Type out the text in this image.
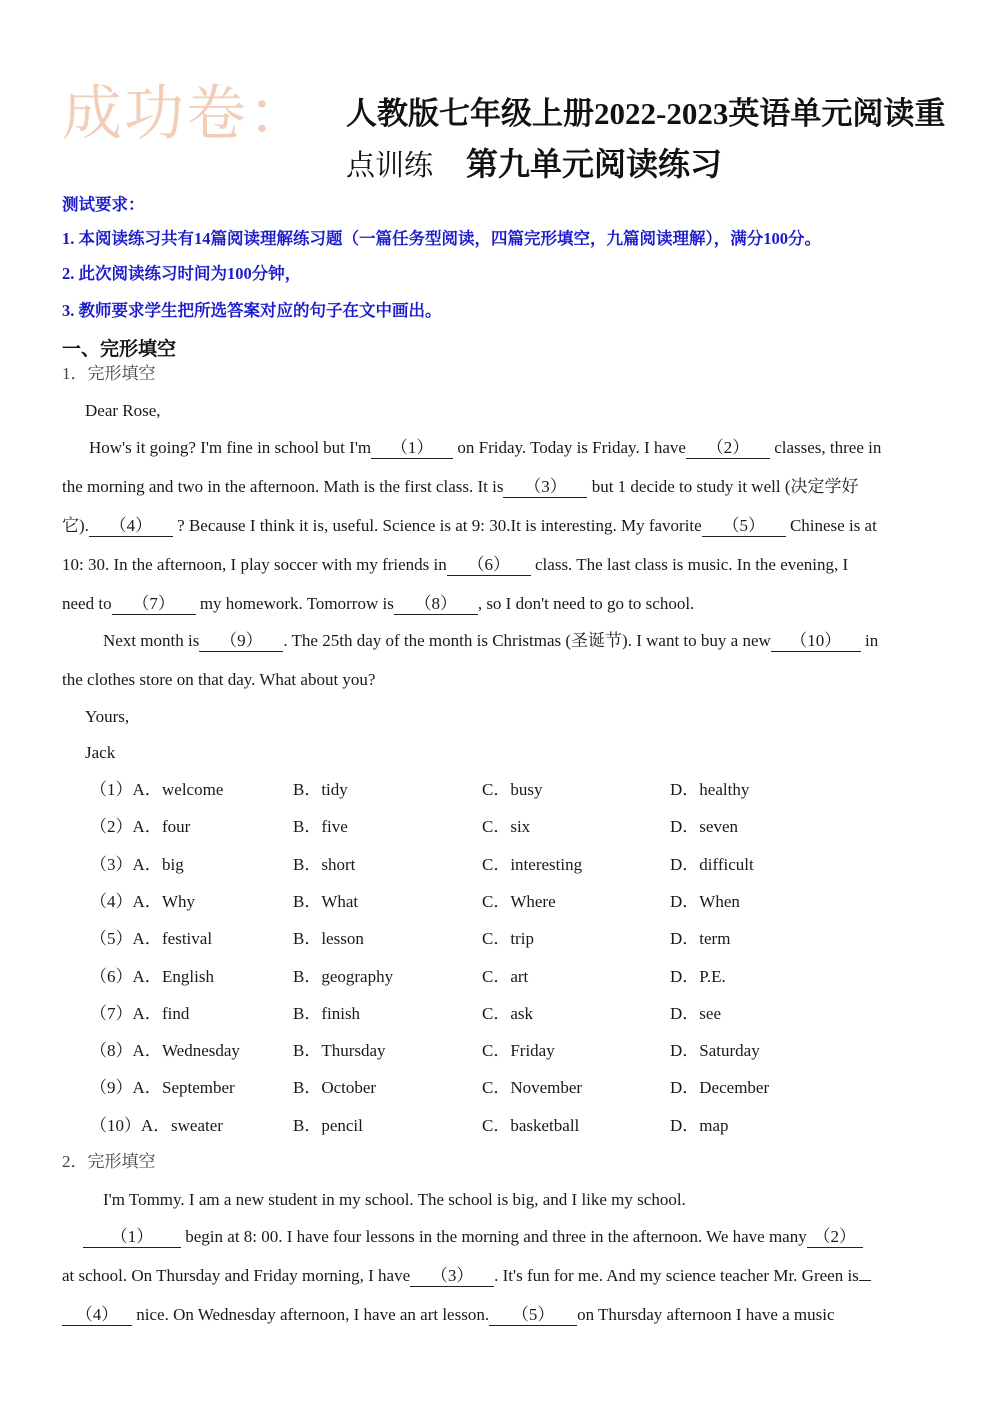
成功卷： 人教版七年级上册2022-2023英语单元阅读重
点训练 第九单元阅读练习
测试要求：
1. 本阅读练习共有14篇阅读理解练习题（一篇任务型阅读，四篇完形填空，九篇阅读理解），满分100分。
2. 此次阅读练习时间为100分钟，
3. 教师要求学生把所选答案对应的句子在文中画出。
一、完形填空
1．完形填空
Dear Rose,
How's it going? I'm fine in school but I'm （1） on Friday. Today is Friday. I have （2） classes, three in
the morning and two in the afternoon. Math is the first class. It is （3） but 1 decide to study it well (决定学好
它). （4） ? Because I think it is, useful. Science is at 9: 30.It is interesting. My favorite （5） Chinese is at
10: 30. In the afternoon, I play soccer with my friends in （6） class. The last class is music. In the evening, I
need to （7） my homework. Tomorrow is （8） , so I don't need to go to school.
Next month is （9） . The 25th day of the month is Christmas (圣诞节). I want to buy a new （10） in
the clothes store on that day. What about you?
Yours,
Jack
（1）A． welcome	B．tidy	C．busy	D．healthy
（2）A． four	B．five	C．six	D．seven
（3）A． big	B．short	C．interesting	D．difficult
（4）A． Why	B．What	C．Where	D．When
（5）A． festival	B．lesson	C．trip	D．term
（6）A． English	B．geography	C．art	D．P.E.
（7）A． find	B．finish	C．ask	D．see
（8）A． Wednesday	B．Thursday	C．Friday	D．Saturday
（9）A． September	B．October	C．November	D．December
（10）A． sweater	B．pencil	C．basketball	D．map
2．完形填空
I'm Tommy. I am a new student in my school. The school is big, and I like my school.
（1） begin at 8: 00. I have four lessons in the morning and three in the afternoon. We have many （2）
at school. On Thursday and Friday morning, I have （3） . It's fun for me. And my science teacher Mr. Green is
（4） nice. On Wednesday afternoon, I have an art lesson. （5） on Thursday afternoon I have a music
